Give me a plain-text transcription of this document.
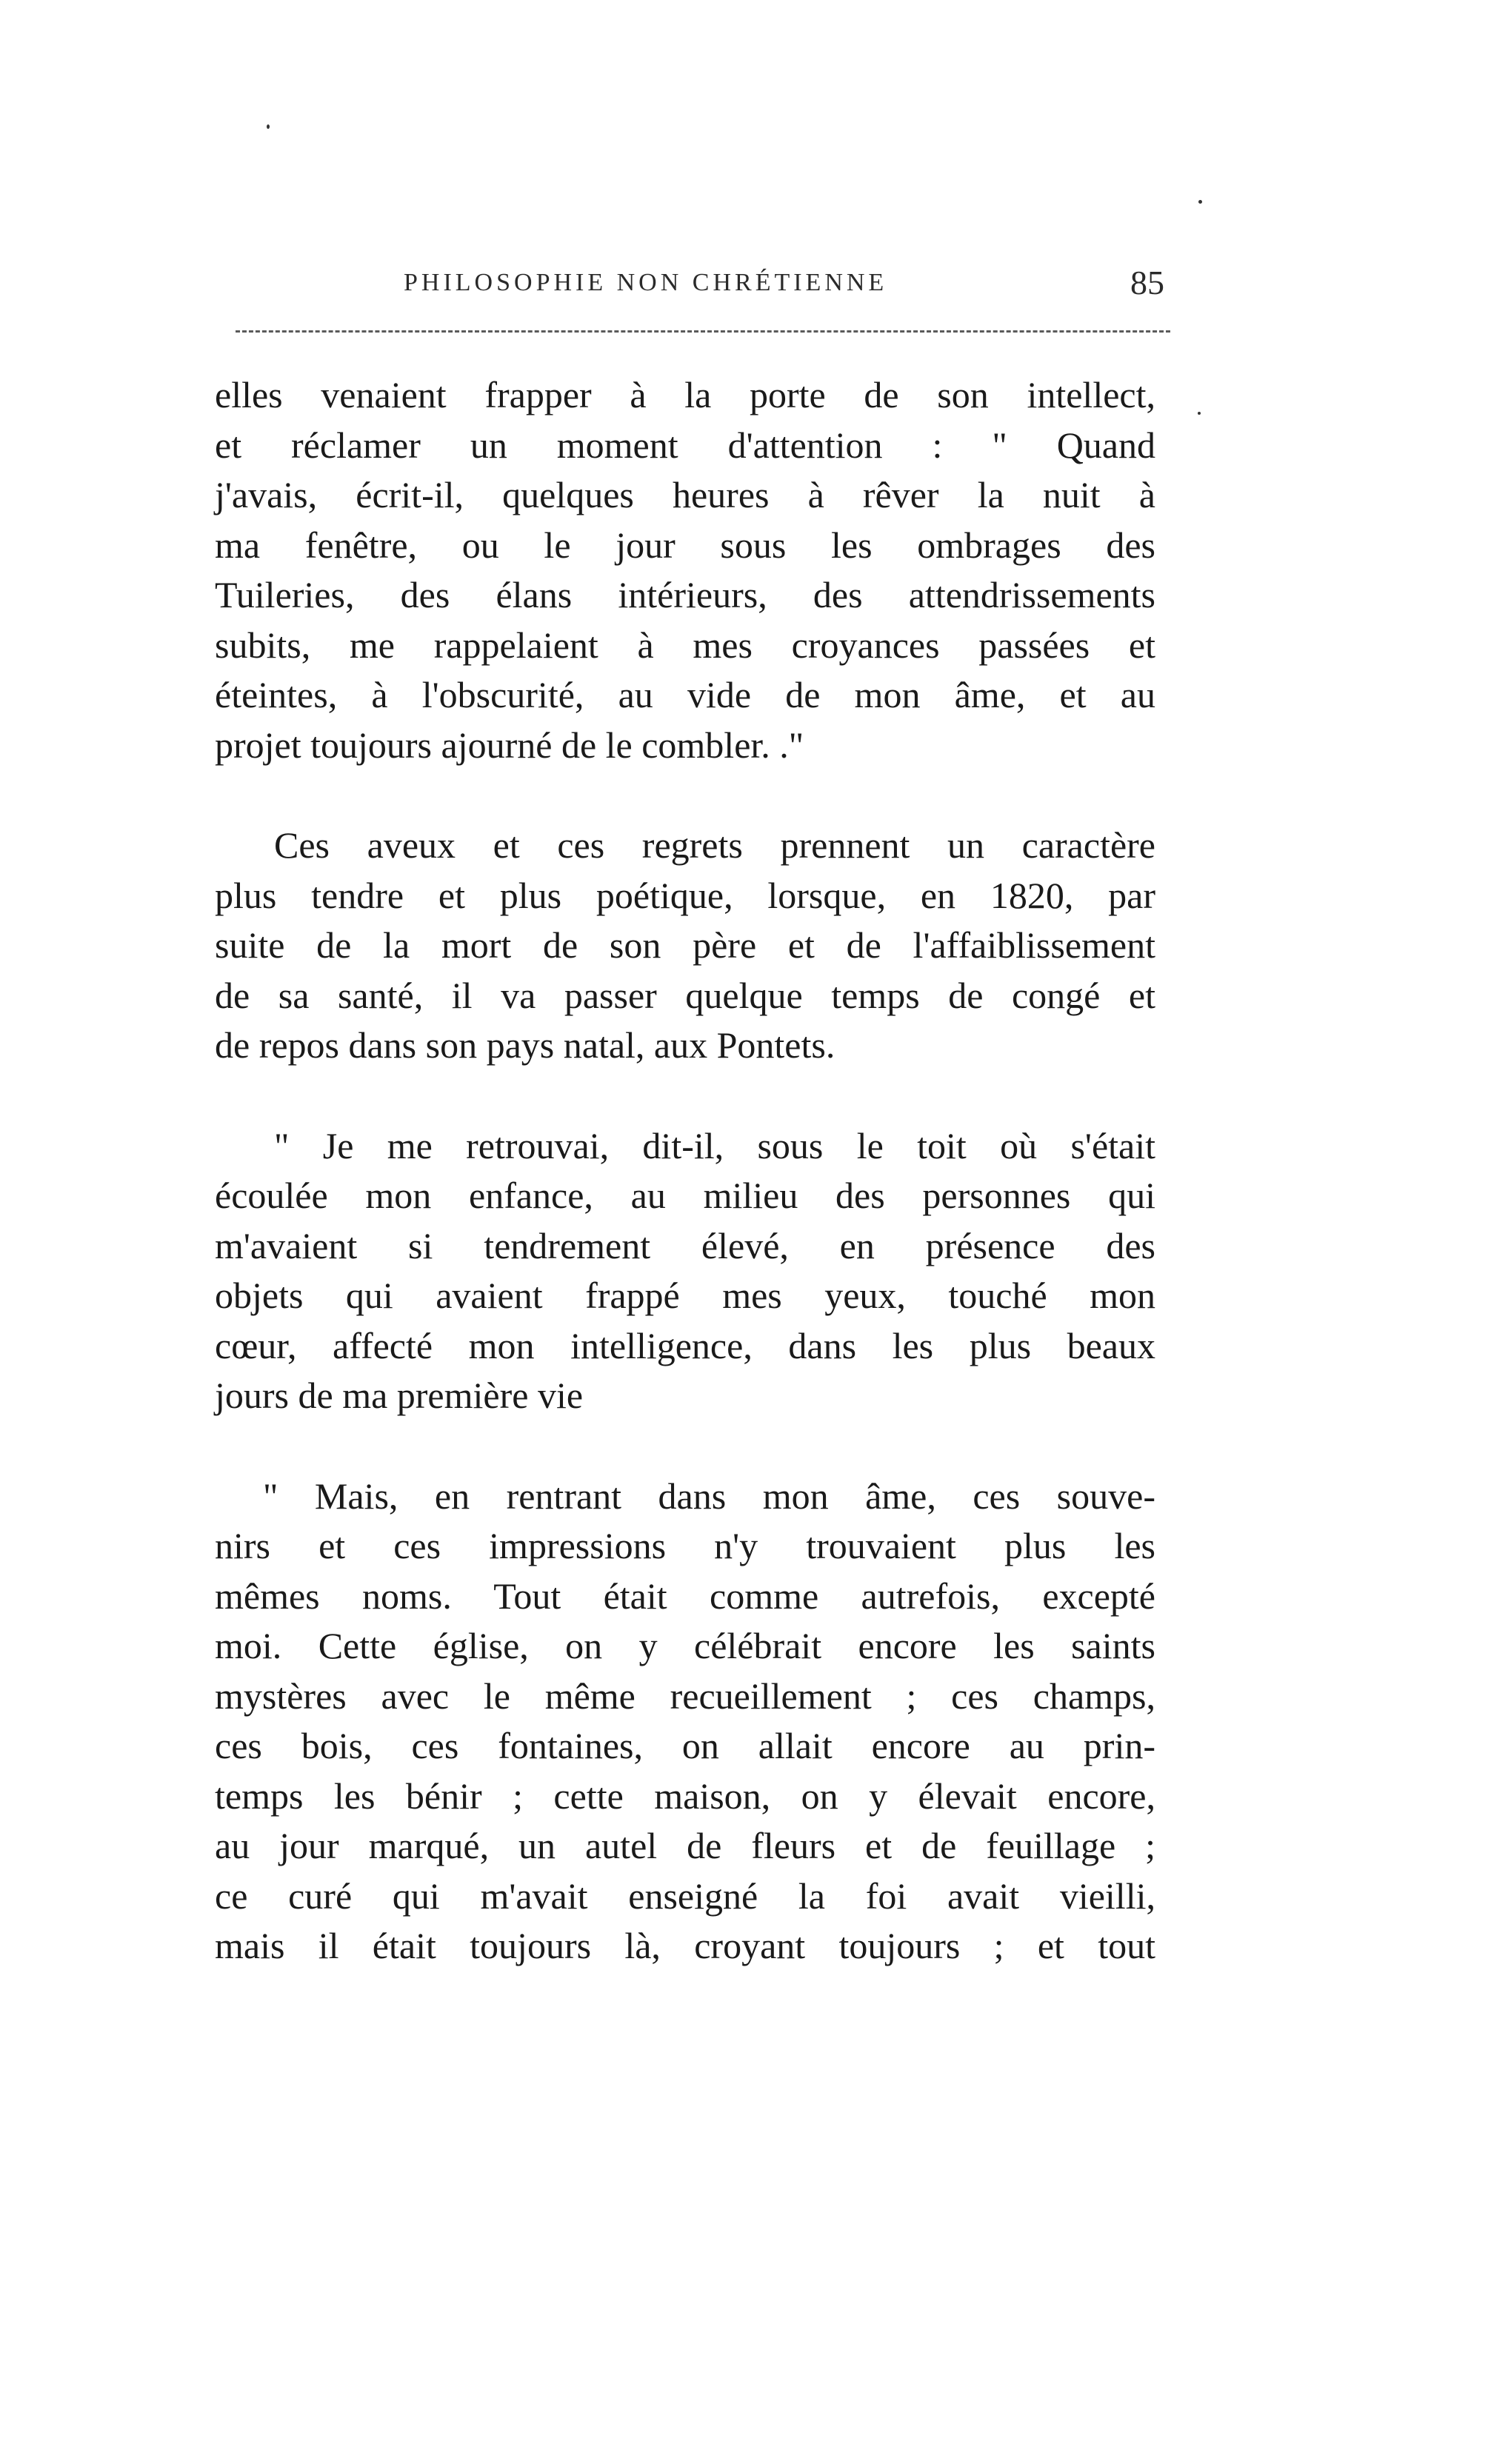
PHILOSOPHIE NON CHRÉTIENNE	85
elles venaient frapper à la porte de son intellect,
et réclamer un moment d'attention : " Quand
j'avais, écrit-il, quelques heures à rêver la nuit à
ma fenêtre, ou le jour sous les ombrages des
Tuileries, des élans intérieurs, des attendrissements
subits, me rappelaient à mes croyances passées et
éteintes, à l'obscurité, au vide de mon âme, et au
projet toujours ajourné de le combler. ."
Ces aveux et ces regrets prennent un caractère
plus tendre et plus poétique, lorsque, en 1820, par
suite de la mort de son père et de l'affaiblissement
de sa santé, il va passer quelque temps de congé et
de repos dans son pays natal, aux Pontets.
" Je me retrouvai, dit-il, sous le toit où s'était
écoulée mon enfance, au milieu des personnes qui
m'avaient si tendrement élevé, en présence des
objets qui avaient frappé mes yeux, touché mon
cœur, affecté mon intelligence, dans les plus beaux
jours de ma première vie
" Mais, en rentrant dans mon âme, ces souve-
nirs et ces impressions n'y trouvaient plus les
mêmes noms. Tout était comme autrefois, excepté
moi. Cette église, on y célébrait encore les saints
mystères avec le même recueillement ; ces champs,
ces bois, ces fontaines, on allait encore au prin-
temps les bénir ; cette maison, on y élevait encore,
au jour marqué, un autel de fleurs et de feuillage ;
ce curé qui m'avait enseigné la foi avait vieilli,
mais il était toujours là, croyant toujours ; et tout
